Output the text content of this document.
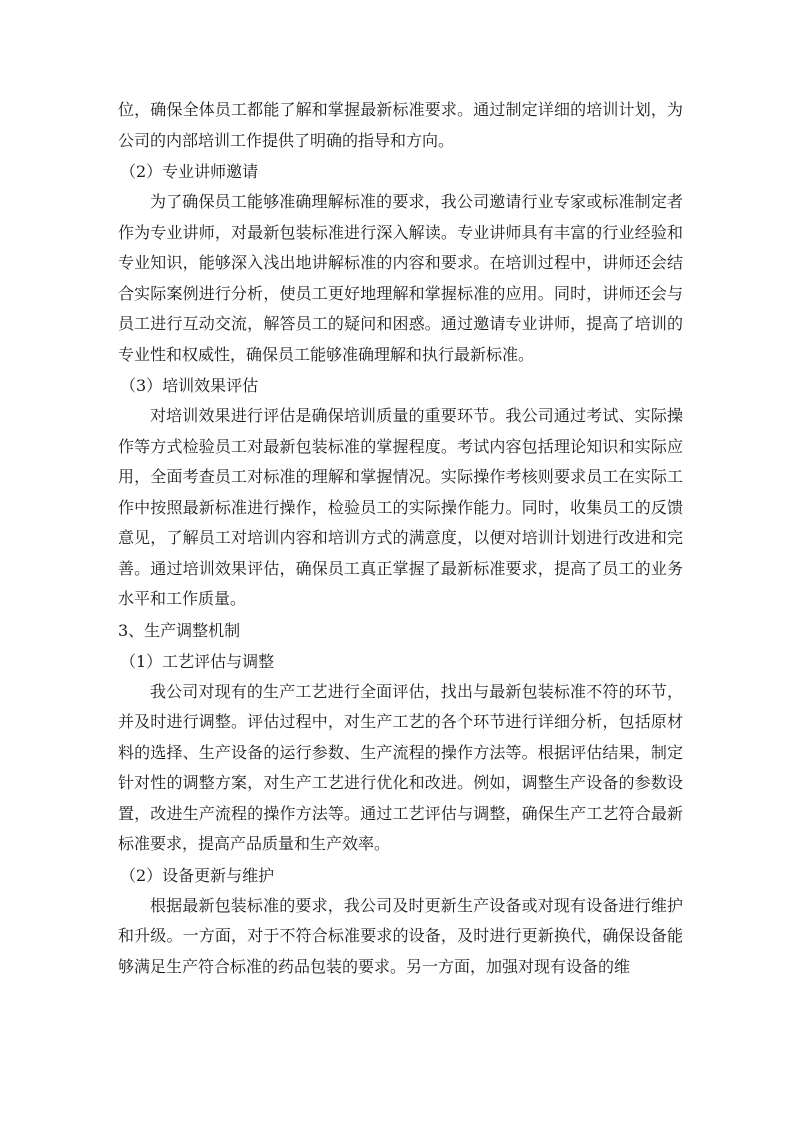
位，确保全体员工都能了解和掌握最新标准要求。通过制定详细的培训计划，为公司的内部培训工作提供了明确的指导和方向。

（2）专业讲师邀请

为了确保员工能够准确理解标准的要求，我公司邀请行业专家或标准制定者作为专业讲师，对最新包装标准进行深入解读。专业讲师具有丰富的行业经验和专业知识，能够深入浅出地讲解标准的内容和要求。在培训过程中，讲师还会结合实际案例进行分析，使员工更好地理解和掌握标准的应用。同时，讲师还会与员工进行互动交流，解答员工的疑问和困惑。通过邀请专业讲师，提高了培训的专业性和权威性，确保员工能够准确理解和执行最新标准。

（3）培训效果评估

对培训效果进行评估是确保培训质量的重要环节。我公司通过考试、实际操作等方式检验员工对最新包装标准的掌握程度。考试内容包括理论知识和实际应用，全面考查员工对标准的理解和掌握情况。实际操作考核则要求员工在实际工作中按照最新标准进行操作，检验员工的实际操作能力。同时，收集员工的反馈意见，了解员工对培训内容和培训方式的满意度，以便对培训计划进行改进和完善。通过培训效果评估，确保员工真正掌握了最新标准要求，提高了员工的业务水平和工作质量。

3、生产调整机制
（1）工艺评估与调整

我公司对现有的生产工艺进行全面评估，找出与最新包装标准不符的环节，并及时进行调整。评估过程中，对生产工艺的各个环节进行详细分析，包括原材料的选择、生产设备的运行参数、生产流程的操作方法等。根据评估结果，制定针对性的调整方案，对生产工艺进行优化和改进。例如，调整生产设备的参数设置，改进生产流程的操作方法等。通过工艺评估与调整，确保生产工艺符合最新标准要求，提高产品质量和生产效率。

（2）设备更新与维护

根据最新包装标准的要求，我公司及时更新生产设备或对现有设备进行维护和升级。一方面，对于不符合标准要求的设备，及时进行更新换代，确保设备能够满足生产符合标准的药品包装的要求。另一方面，加强对现有设备的维
